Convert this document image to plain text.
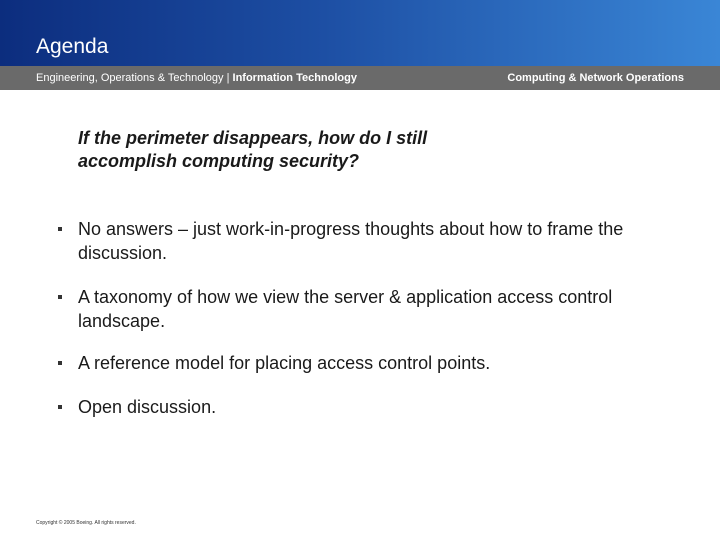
Agenda
Engineering, Operations & Technology | Information Technology	Computing & Network Operations
If the perimeter disappears, how do I still accomplish computing security?
No answers – just work-in-progress thoughts about how to frame the discussion.
A taxonomy of how we view the server & application access control landscape.
A reference model for placing access control points.
Open discussion.
Copyright © 2005 Boeing. All rights reserved.
